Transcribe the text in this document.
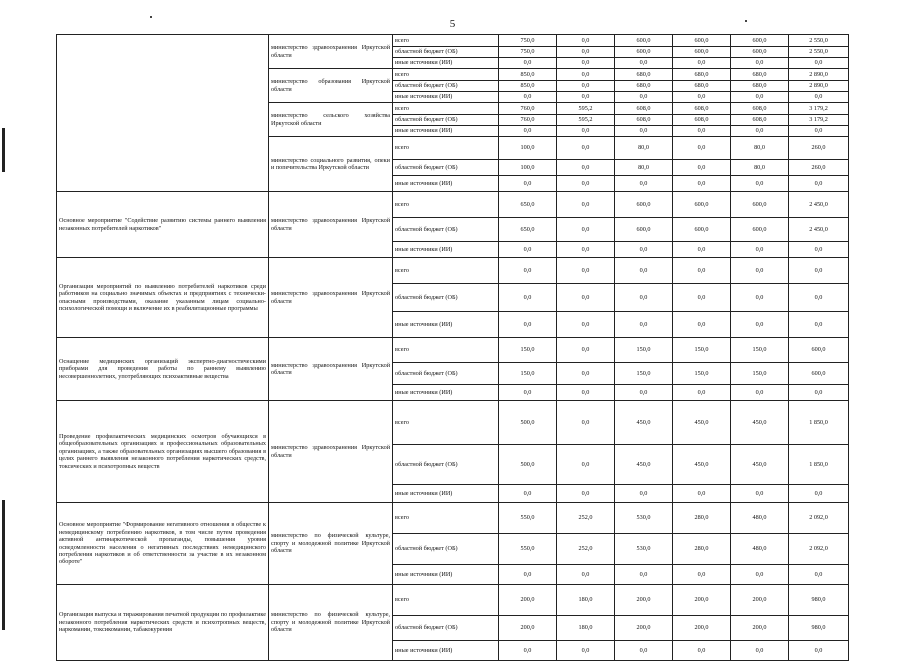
5
	министерство здравоохранения Иркутской области	всего	750,0	0,0	600,0	600,0	600,0	2 550,0
		областной бюджет (ОБ)	750,0	0,0	600,0	600,0	600,0	2 550,0
		иные источники (ИИ)	0,0	0,0	0,0	0,0	0,0	0,0
	министерство образования Иркутской области	всего	850,0	0,0	680,0	680,0	680,0	2 890,0
		областной бюджет (ОБ)	850,0	0,0	680,0	680,0	680,0	2 890,0
		иные источники (ИИ)	0,0	0,0	0,0	0,0	0,0	0,0
	министерство сельского хозяйства Иркутской области	всего	760,0	595,2	608,0	608,0	608,0	3 179,2
		областной бюджет (ОБ)	760,0	595,2	608,0	608,0	608,0	3 179,2
		иные источники (ИИ)	0,0	0,0	0,0	0,0	0,0	0,0
	министерство социального развития, опеки и попечительства Иркутской области	всего	100,0	0,0	80,0	0,0	80,0	260,0
		областной бюджет (ОБ)	100,0	0,0	80,0	0,0	80,0	260,0
		иные источники (ИИ)	0,0	0,0	0,0	0,0	0,0	0,0
Основное мероприятие "Содействие развитию системы раннего выявления незаконных потребителей наркотиков"	министерство здравоохранения Иркутской области	всего	650,0	0,0	600,0	600,0	600,0	2 450,0
		областной бюджет (ОБ)	650,0	0,0	600,0	600,0	600,0	2 450,0
		иные источники (ИИ)	0,0	0,0	0,0	0,0	0,0	0,0
Организация мероприятий по выявлению потребителей наркотиков среди работников на социально значимых объектах и предприятиях с технически-опасными производствами, оказание указанным лицам социально-психологической помощи и включение их в реабилитационные программы	министерство здравоохранения Иркутской области	всего	0,0	0,0	0,0	0,0	0,0	0,0
		областной бюджет (ОБ)	0,0	0,0	0,0	0,0	0,0	0,0
		иные источники (ИИ)	0,0	0,0	0,0	0,0	0,0	0,0
Оснащение медицинских организаций экспертно-диагностическими приборами для проведения работы по раннему выявлению несовершеннолетних, употребляющих психоактивные вещества	министерство здравоохранения Иркутской области	всего	150,0	0,0	150,0	150,0	150,0	600,0
		областной бюджет (ОБ)	150,0	0,0	150,0	150,0	150,0	600,0
		иные источники (ИИ)	0,0	0,0	0,0	0,0	0,0	0,0
Проведение профилактических медицинских осмотров обучающихся в общеобразовательных организациях и профессиональных образовательных организациях, а также образовательных организациях высшего образования в целях раннего выявления незаконного потребления наркотических средств, токсических и психотропных веществ	министерство здравоохранения Иркутской области	всего	500,0	0,0	450,0	450,0	450,0	1 850,0
		областной бюджет (ОБ)	500,0	0,0	450,0	450,0	450,0	1 850,0
		иные источники (ИИ)	0,0	0,0	0,0	0,0	0,0	0,0
Основное мероприятие "Формирование негативного отношения в обществе к немедицинскому потреблению наркотиков, в том числе путем проведения активной антинаркотической пропаганды, повышения уровня осведомленности населения о негативных последствиях немедицинского потребления наркотиков и об ответственности за участие в их незаконном обороте"	министерство по физической культуре, спорту и молодежной политике Иркутской области	всего	550,0	252,0	530,0	280,0	480,0	2 092,0
		областной бюджет (ОБ)	550,0	252,0	530,0	280,0	480,0	2 092,0
		иные источники (ИИ)	0,0	0,0	0,0	0,0	0,0	0,0
Организация выпуска и тиражирования печатной продукции по профилактике незаконного потребления наркотических средств и психотропных веществ, наркомании, токсикомании, табакокурения	министерство по физической культуре, спорту и молодежной политике Иркутской области	всего	200,0	180,0	200,0	200,0	200,0	980,0
		областной бюджет (ОБ)	200,0	180,0	200,0	200,0	200,0	980,0
		иные источники (ИИ)	0,0	0,0	0,0	0,0	0,0	0,0
